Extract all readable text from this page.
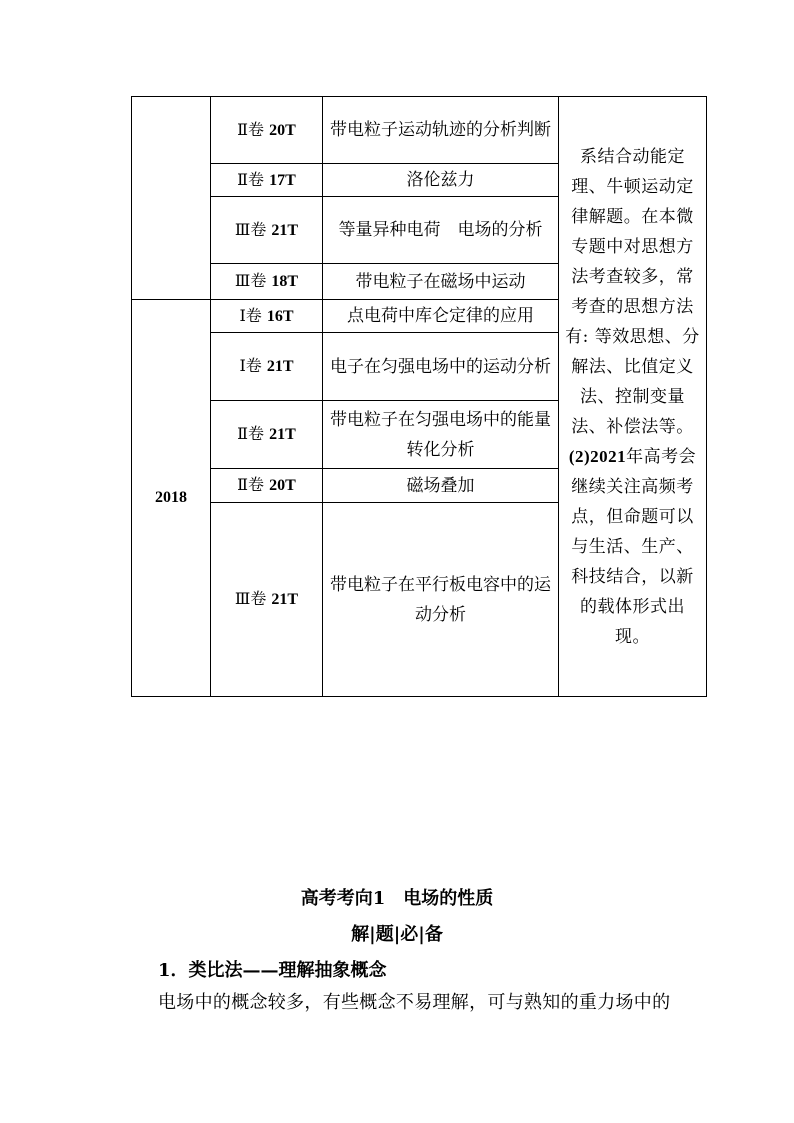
	Ⅱ卷 20T	带电粒子运动轨迹的分析判断	系结合动能定理、牛顿运动定律解题。在本微专题中对思想方法考查较多，常考查的思想方法有: 等效思想、分解法、比值定义法、控制变量法、补偿法等。
(2)2021年高考会继续关注高频考点，但命题可以与生活、生产、科技结合，以新的载体形式出现。
	Ⅱ卷 17T	洛伦兹力	
	Ⅲ卷 21T	等量异种电荷　电场的分析	
	Ⅲ卷 18T	带电粒子在磁场中运动	
2018	Ⅰ卷 16T	点电荷中库仑定律的应用	
	Ⅰ卷 21T	电子在匀强电场中的运动分析	
	Ⅱ卷 21T	带电粒子在匀强电场中的能量转化分析	
	Ⅱ卷 20T	磁场叠加	
	Ⅲ卷 21T	带电粒子在平行板电容中的运动分析	
高考考向1　电场的性质
解|题|必|备
1．类比法——理解抽象概念
电场中的概念较多，有些概念不易理解，可与熟知的重力场中的
